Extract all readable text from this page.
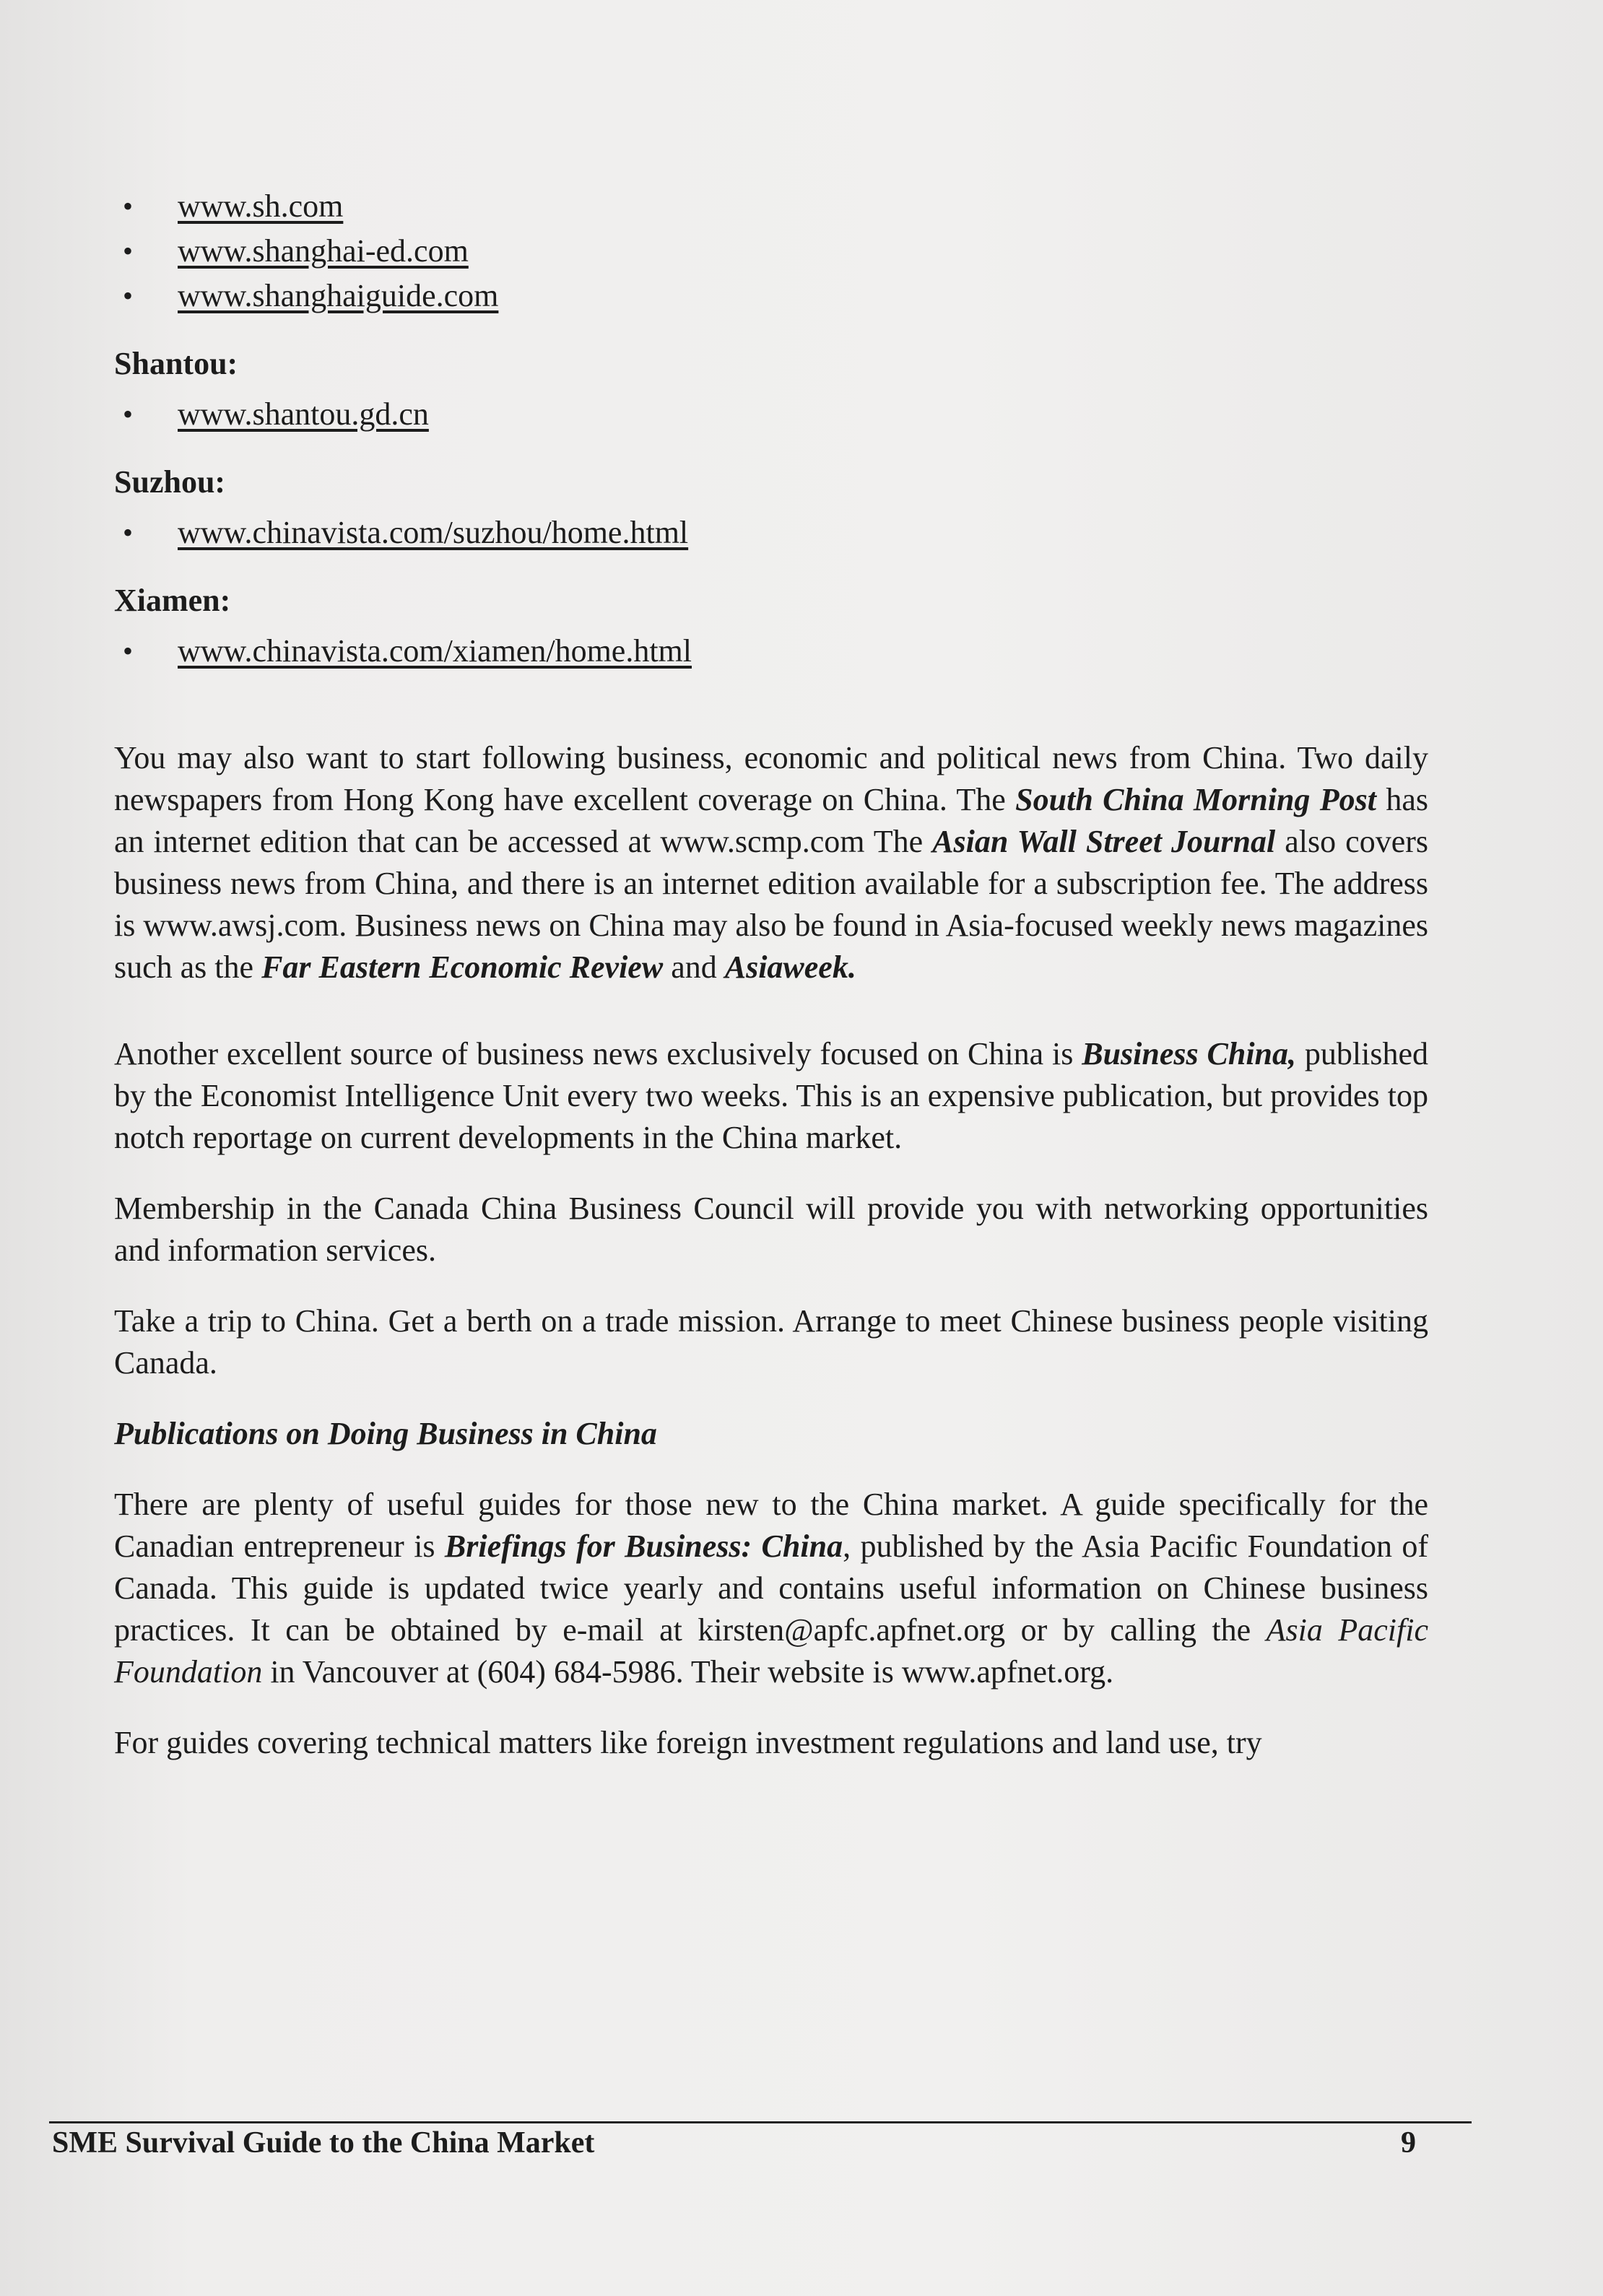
• www.sh.com
• www.shanghai-ed.com
• www.shanghaiguide.com
Shantou:
• www.shantou.gd.cn
Suzhou:
• www.chinavista.com/suzhou/home.html
Xiamen:
• www.chinavista.com/xiamen/home.html

You may also want to start following business, economic and political news from China. Two daily newspapers from Hong Kong have excellent coverage on China. The South China Morning Post has an internet edition that can be accessed at www.scmp.com The Asian Wall Street Journal also covers business news from China, and there is an internet edition available for a subscription fee. The address is www.awsj.com. Business news on China may also be found in Asia-focused weekly news magazines such as the Far Eastern Economic Review and Asiaweek.

Another excellent source of business news exclusively focused on China is Business China, published by the Economist Intelligence Unit every two weeks. This is an expensive publication, but provides top notch reportage on current developments in the China market.

Membership in the Canada China Business Council will provide you with networking opportunities and information services.

Take a trip to China. Get a berth on a trade mission. Arrange to meet Chinese business people visiting Canada.

Publications on Doing Business in China

There are plenty of useful guides for those new to the China market. A guide specifically for the Canadian entrepreneur is Briefings for Business: China, published by the Asia Pacific Foundation of Canada. This guide is updated twice yearly and contains useful information on Chinese business practices. It can be obtained by e-mail at kirsten@apfc.apfnet.org or by calling the Asia Pacific Foundation in Vancouver at (604) 684-5986. Their website is www.apfnet.org.

For guides covering technical matters like foreign investment regulations and land use, try

SME Survival Guide to the China Market	9
